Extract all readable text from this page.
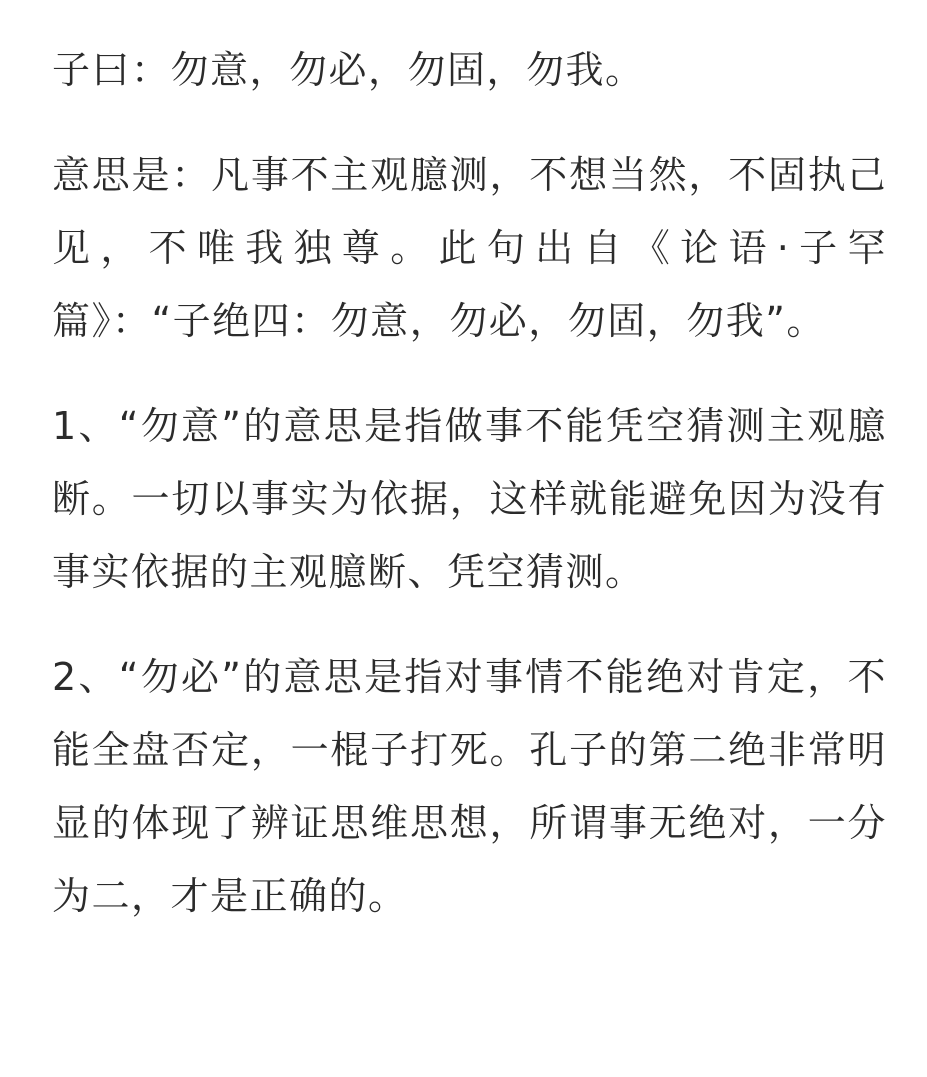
子曰：勿意，勿必，勿固，勿我。

意思是：凡事不主观臆测，不想当然，不固执己见，不唯我独尊。此句出自《论语·子罕篇》：“子绝四：勿意，勿必，勿固，勿我”。

1、“勿意”的意思是指做事不能凭空猜测主观臆断。一切以事实为依据，这样就能避免因为没有事实依据的主观臆断、凭空猜测。

2、“勿必”的意思是指对事情不能绝对肯定，不能全盘否定，一棍子打死。孔子的第二绝非常明显的体现了辨证思维思想，所谓事无绝对，一分为二，才是正确的。
